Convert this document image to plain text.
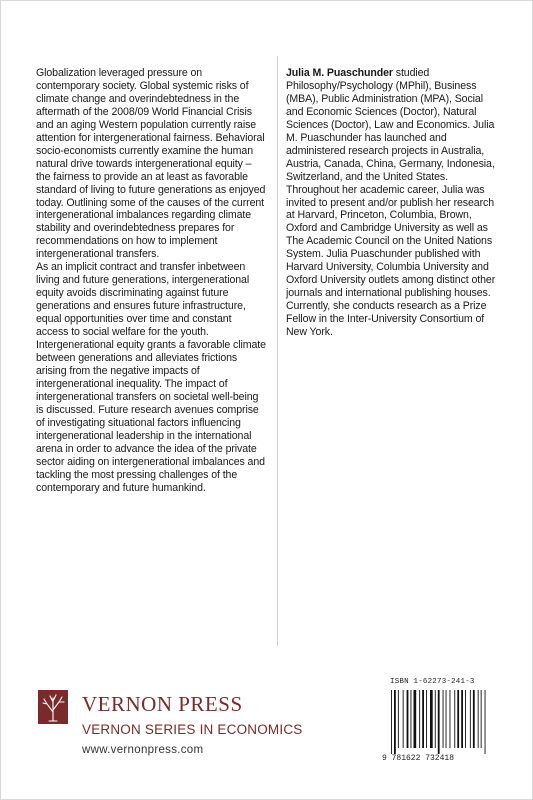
Globalization leveraged pressure on contemporary society. Global systemic risks of climate change and overindebtedness in the aftermath of the 2008/09 World Financial Crisis and an aging Western population currently raise attention for intergenerational fairness. Behavioral socio-economists currently examine the human natural drive towards intergenerational equity – the fairness to provide an at least as favorable standard of living to future generations as enjoyed today. Outlining some of the causes of the current intergenerational imbalances regarding climate stability and overindebtedness prepares for recommendations on how to implement intergenerational transfers.

As an implicit contract and transfer inbetween living and future generations, intergenerational equity avoids discriminating against future generations and ensures future infrastructure, equal opportunities over time and constant access to social welfare for the youth. Intergenerational equity grants a favorable climate between generations and alleviates frictions arising from the negative impacts of intergenerational inequality. The impact of intergenerational transfers on societal well-being is discussed. Future research avenues comprise of investigating situational factors influencing intergenerational leadership in the international arena in order to advance the idea of the private sector aiding on intergenerational imbalances and tackling the most pressing challenges of the contemporary and future humankind.

Julia M. Puaschunder studied Philosophy/Psychology (MPhil), Business (MBA), Public Administration (MPA), Social and Economic Sciences (Doctor), Natural Sciences (Doctor), Law and Economics. Julia M. Puaschunder has launched and administered research projects in Australia, Austria, Canada, China, Germany, Indonesia, Switzerland, and the United States. Throughout her academic career, Julia was invited to present and/or publish her research at Harvard, Princeton, Columbia, Brown, Oxford and Cambridge University as well as The Academic Council on the United Nations System. Julia Puaschunder published with Harvard University, Columbia University and Oxford University outlets among distinct other journals and international publishing houses. Currently, she conducts research as a Prize Fellow in the Inter-University Consortium of New York.

VERNON PRESS
VERNON SERIES IN ECONOMICS
www.vernonpress.com
ISBN 1-62273-241-3
9 781622 732418
